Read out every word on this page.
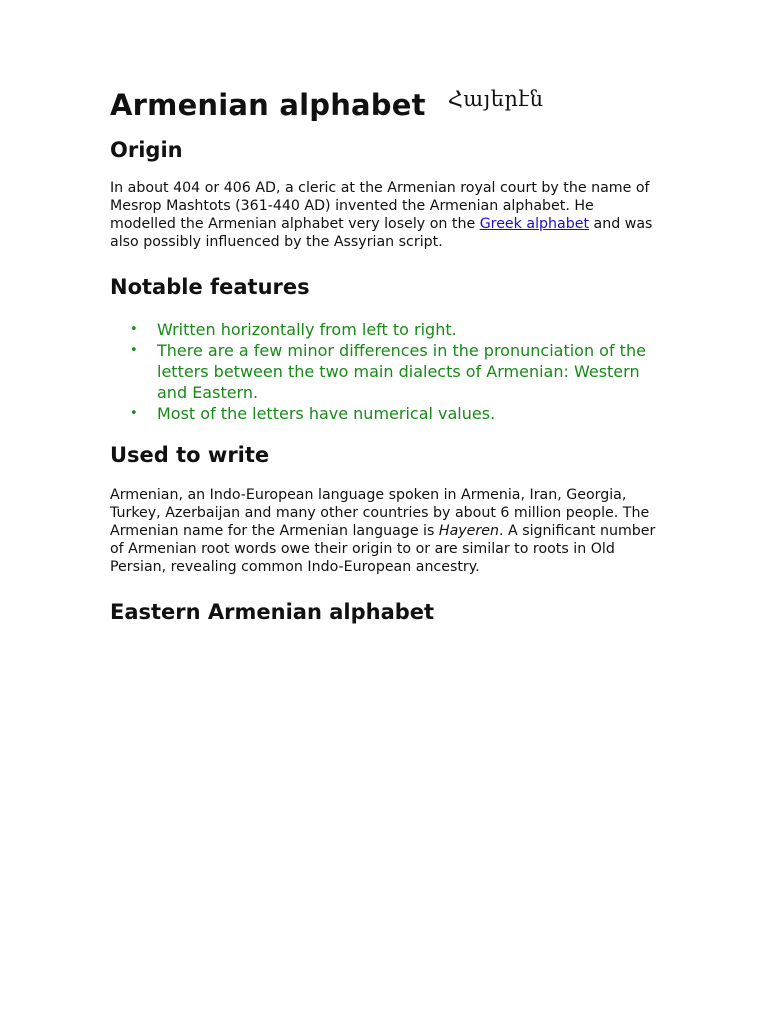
Armenian alphabet Հայերէն
Origin

In about 404 or 406 AD, a cleric at the Armenian royal court by the name of Mesrop Mashtots (361-440 AD) invented the Armenian alphabet. He modelled the Armenian alphabet very losely on the Greek alphabet and was also possibly influenced by the Assyrian script.

Notable features
• Written horizontally from left to right.
• There are a few minor differences in the pronunciation of the letters between the two main dialects of Armenian: Western and Eastern.
• Most of the letters have numerical values.
Used to write

Armenian, an Indo-European language spoken in Armenia, Iran, Georgia, Turkey, Azerbaijan and many other countries by about 6 million people. The Armenian name for the Armenian language is Hayeren. A significant number of Armenian root words owe their origin to or are similar to roots in Old Persian, revealing common Indo-European ancestry.

Eastern Armenian alphabet
